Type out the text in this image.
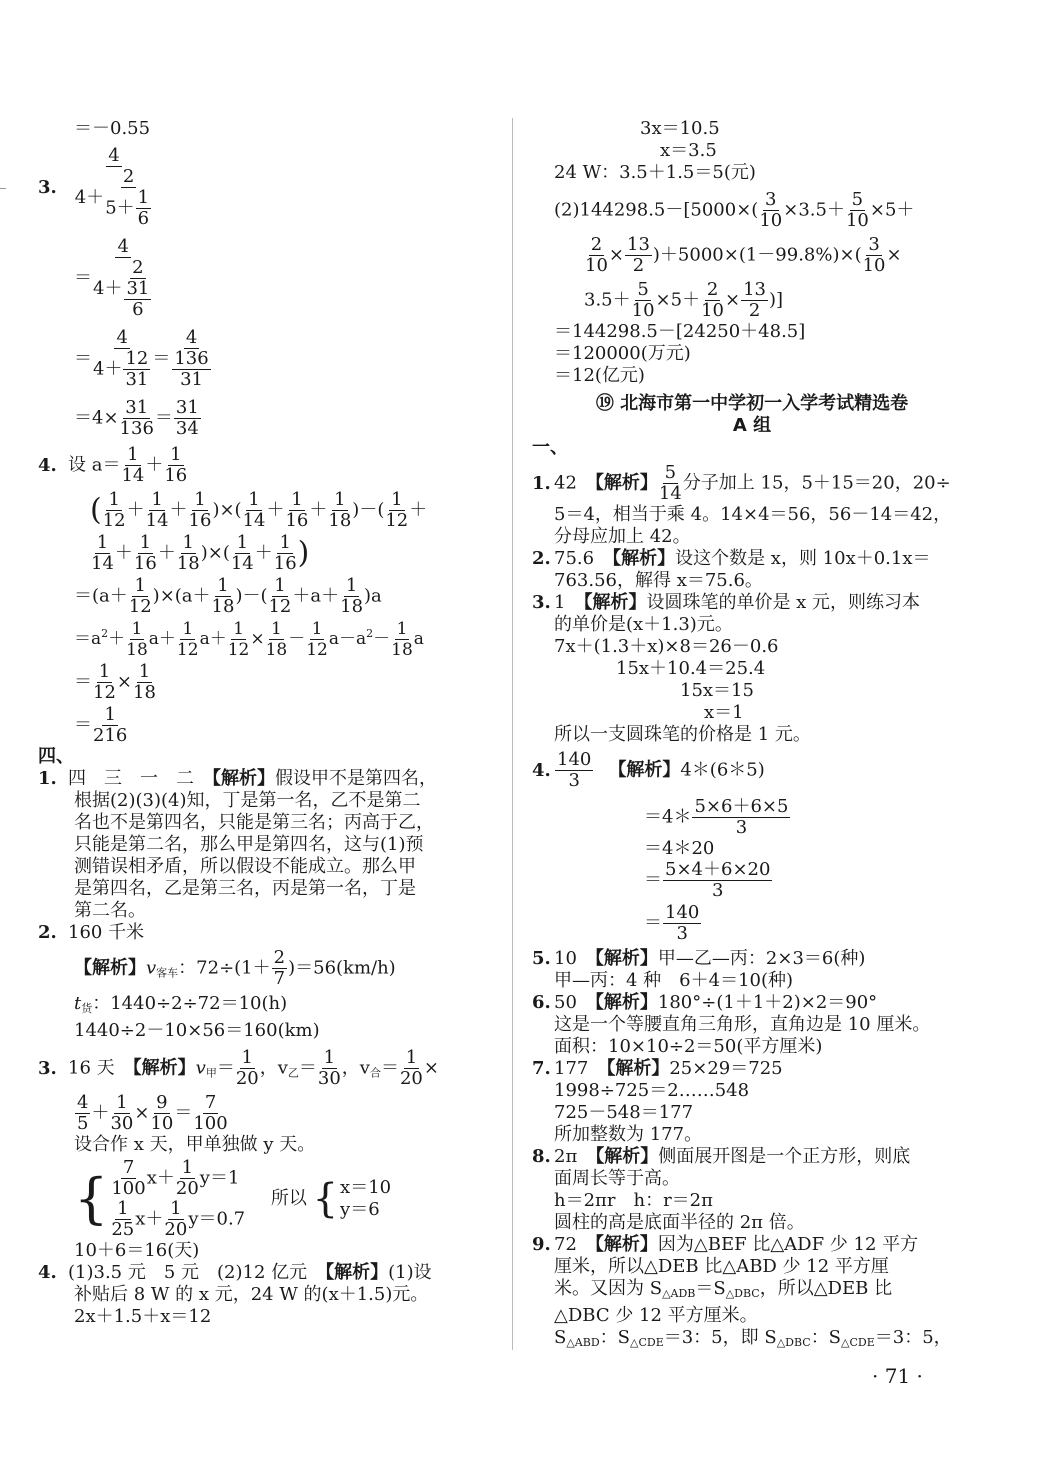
＝－0.55
3. $\frac{4}{4+ \frac{2}{5+ \frac{1}{6}}}$
＝ $\frac{4}{4+ \frac{2}{\frac{31}{6}}}$
＝ $\frac{4}{4+ \frac{12}{31}} = \frac{4}{\frac{136}{31}}$
$=4\times \frac{31}{136} = \frac{31}{34}$
4. 设 $a= \frac{1}{14} + \frac{1}{16}$
( $\frac{1}{12} + \frac{1}{14} + \frac{1}{16}$ )×( $\frac{1}{14} + \frac{1}{16} + \frac{1}{18}$ )－( $\frac{1}{12}$ ＋
$\frac{1}{14} + \frac{1}{16} + \frac{1}{18}$ )×( $\frac{1}{14} + \frac{1}{16}$ )
$=(a+ \frac{1}{12} )\times(a+ \frac{1}{18}$ )－( $\frac{1}{12} +a+ \frac{1}{18} )a$
$=a^2+ \frac{1}{18} a+ \frac{1}{12} a+ \frac{1}{12} \times \frac{1}{18} - \frac{1}{12} a-a^2- \frac{1}{18}$ a
＝ $\frac{1}{12} \times \frac{1}{18}$
＝ $\frac{1}{216}$
四、
1. 四　三　一　二　【解析】假设甲不是第四名，
根据(2)(3)(4)知，丁是第一名，乙不是第二
名也不是第四名，只能是第三名；丙高于乙，
只能是第二名，那么甲是第四名，这与(1)预
测错误相矛盾，所以假设不能成立。那么甲
是第四名，乙是第三名，丙是第一名，丁是
第二名。
2. 160 千米
【解析】$v_{客车}$：$72\div(1+ \frac{2}{7} )=56(km/h)$
$t_货$：1440÷2÷72＝10(h)
1440÷2－10×56＝160(km)
3. 16 天　【解析】$v_甲= \frac{1}{20}$ ，$v_乙= \frac{1}{30}$ ，$v_合= \frac{1}{20}$ ×
$\frac{4}{5} + \frac{1}{30} \times \frac{9}{10} = \frac{7}{100}$
设合作 x 天，甲单独做 y 天。
{ $\frac{7}{100} x+ \frac{1}{20} y=1$
$\frac{1}{25} x+ \frac{1}{20} y=0.7$
所以 { x＝10
y＝6
10＋6＝16(天)
4. (1)3.5 元　5 元　(2)12 亿元　【解析】(1)设
补贴后 8 W 的 x 元，24 W 的(x＋1.5)元。
2x＋1.5＋x＝12
3x＝10.5
x＝3.5
24 W：3.5＋1.5＝5(元)
$(2)144298.5-[5000\times( \frac{3}{10} \times 3.5+ \frac{5}{10} \times 5+$
$\frac{2}{10} \times \frac{13}{2} )+5000\times(1-99.8\%)\times( \frac{3}{10}$ ×
$3.5+ \frac{5}{10} \times 5+ \frac{2}{10} \times \frac{13}{2}$ )]
＝144298.5－[24250＋48.5]
＝120000(万元)
＝12(亿元)
⑲ 北海市第一中学初一入学考试精选卷
A 组
一、
1. 42　【解析】 $\frac{5}{14}$ 分子加上 15，5＋15＝20，20÷
5＝4，相当于乘 4。14×4＝56，56－14＝42，
分母应加上 42。
2. 75.6　【解析】设这个数是 x，则 10x＋0.1x＝
763.56，解得 x＝75.6。
3. 1　【解析】设圆珠笔的单价是 x 元，则练习本
的单价是(x＋1.3)元。
7x＋(1.3＋x)×8＝26－0.6
15x＋10.4＝25.4
15x＝15
x＝1
所以一支圆珠笔的价格是 1 元。
4. $\frac{140}{3}$ 【解析】4＊(6＊5)
＝4＊ $\frac{5\times 6+6\times 5}{3}$
＝4＊20
＝ $\frac{5\times 4+6\times 20}{3}$
＝ $\frac{140}{3}$
5. 10　【解析】甲—乙—丙：2×3＝6(种)
甲—丙：4 种　6＋4＝10(种)
6. 50　【解析】180°÷(1＋1＋2)×2＝90°
这是一个等腰直角三角形，直角边是 10 厘米。
面积：10×10÷2＝50(平方厘米)
7. 177　【解析】25×29＝725
1998÷725＝2……548
725－548＝177
所加整数为 177。
8. 2π　【解析】侧面展开图是一个正方形，则底
面周长等于高。
h＝2πr　h：r＝2π
圆柱的高是底面半径的 2π 倍。
9. 72　【解析】因为△BEF 比△ADF 少 12 平方
厘米，所以△DEB 比△ABD 少 12 平方厘
米。又因为 $S_{\triangle ADB}=S_{\triangle DBC}$，所以△DEB 比
△DBC 少 12 平方厘米。
$S_{\triangle ABD}$：$S_{\triangle CDE}=3$：5，即 $S_{\triangle DBC}$：$S_{\triangle CDE}=3$：5，
· 71 ·
